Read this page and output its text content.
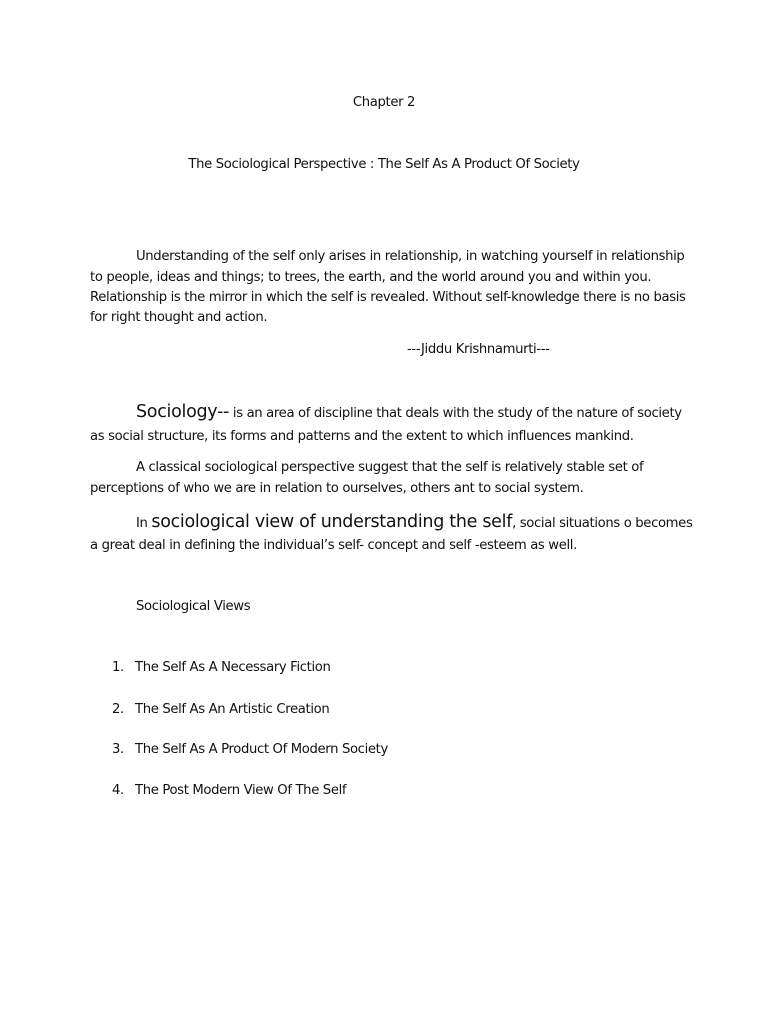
Chapter 2
The Sociological Perspective : The Self As A Product Of Society
Understanding of the self only arises in relationship, in watching yourself in relationship
to people, ideas and things; to trees, the earth, and the world around you and within you.
Relationship is the mirror in which the self is revealed. Without self-knowledge there is no basis
for right thought and action.
---Jiddu Krishnamurti---
Sociology-- is an area of discipline that deals with the study of the nature of society
as social structure, its forms and patterns and the extent to which influences mankind.
A classical sociological perspective suggest that the self is relatively stable set of
perceptions of who we are in relation to ourselves, others ant to social system.
In sociological view of understanding the self, social situations o becomes
a great deal in defining the individual’s self- concept and self -esteem as well.
Sociological Views
1. The Self As A Necessary Fiction
2. The Self As An Artistic Creation
3. The Self As A Product Of Modern Society
4. The Post Modern View Of The Self
